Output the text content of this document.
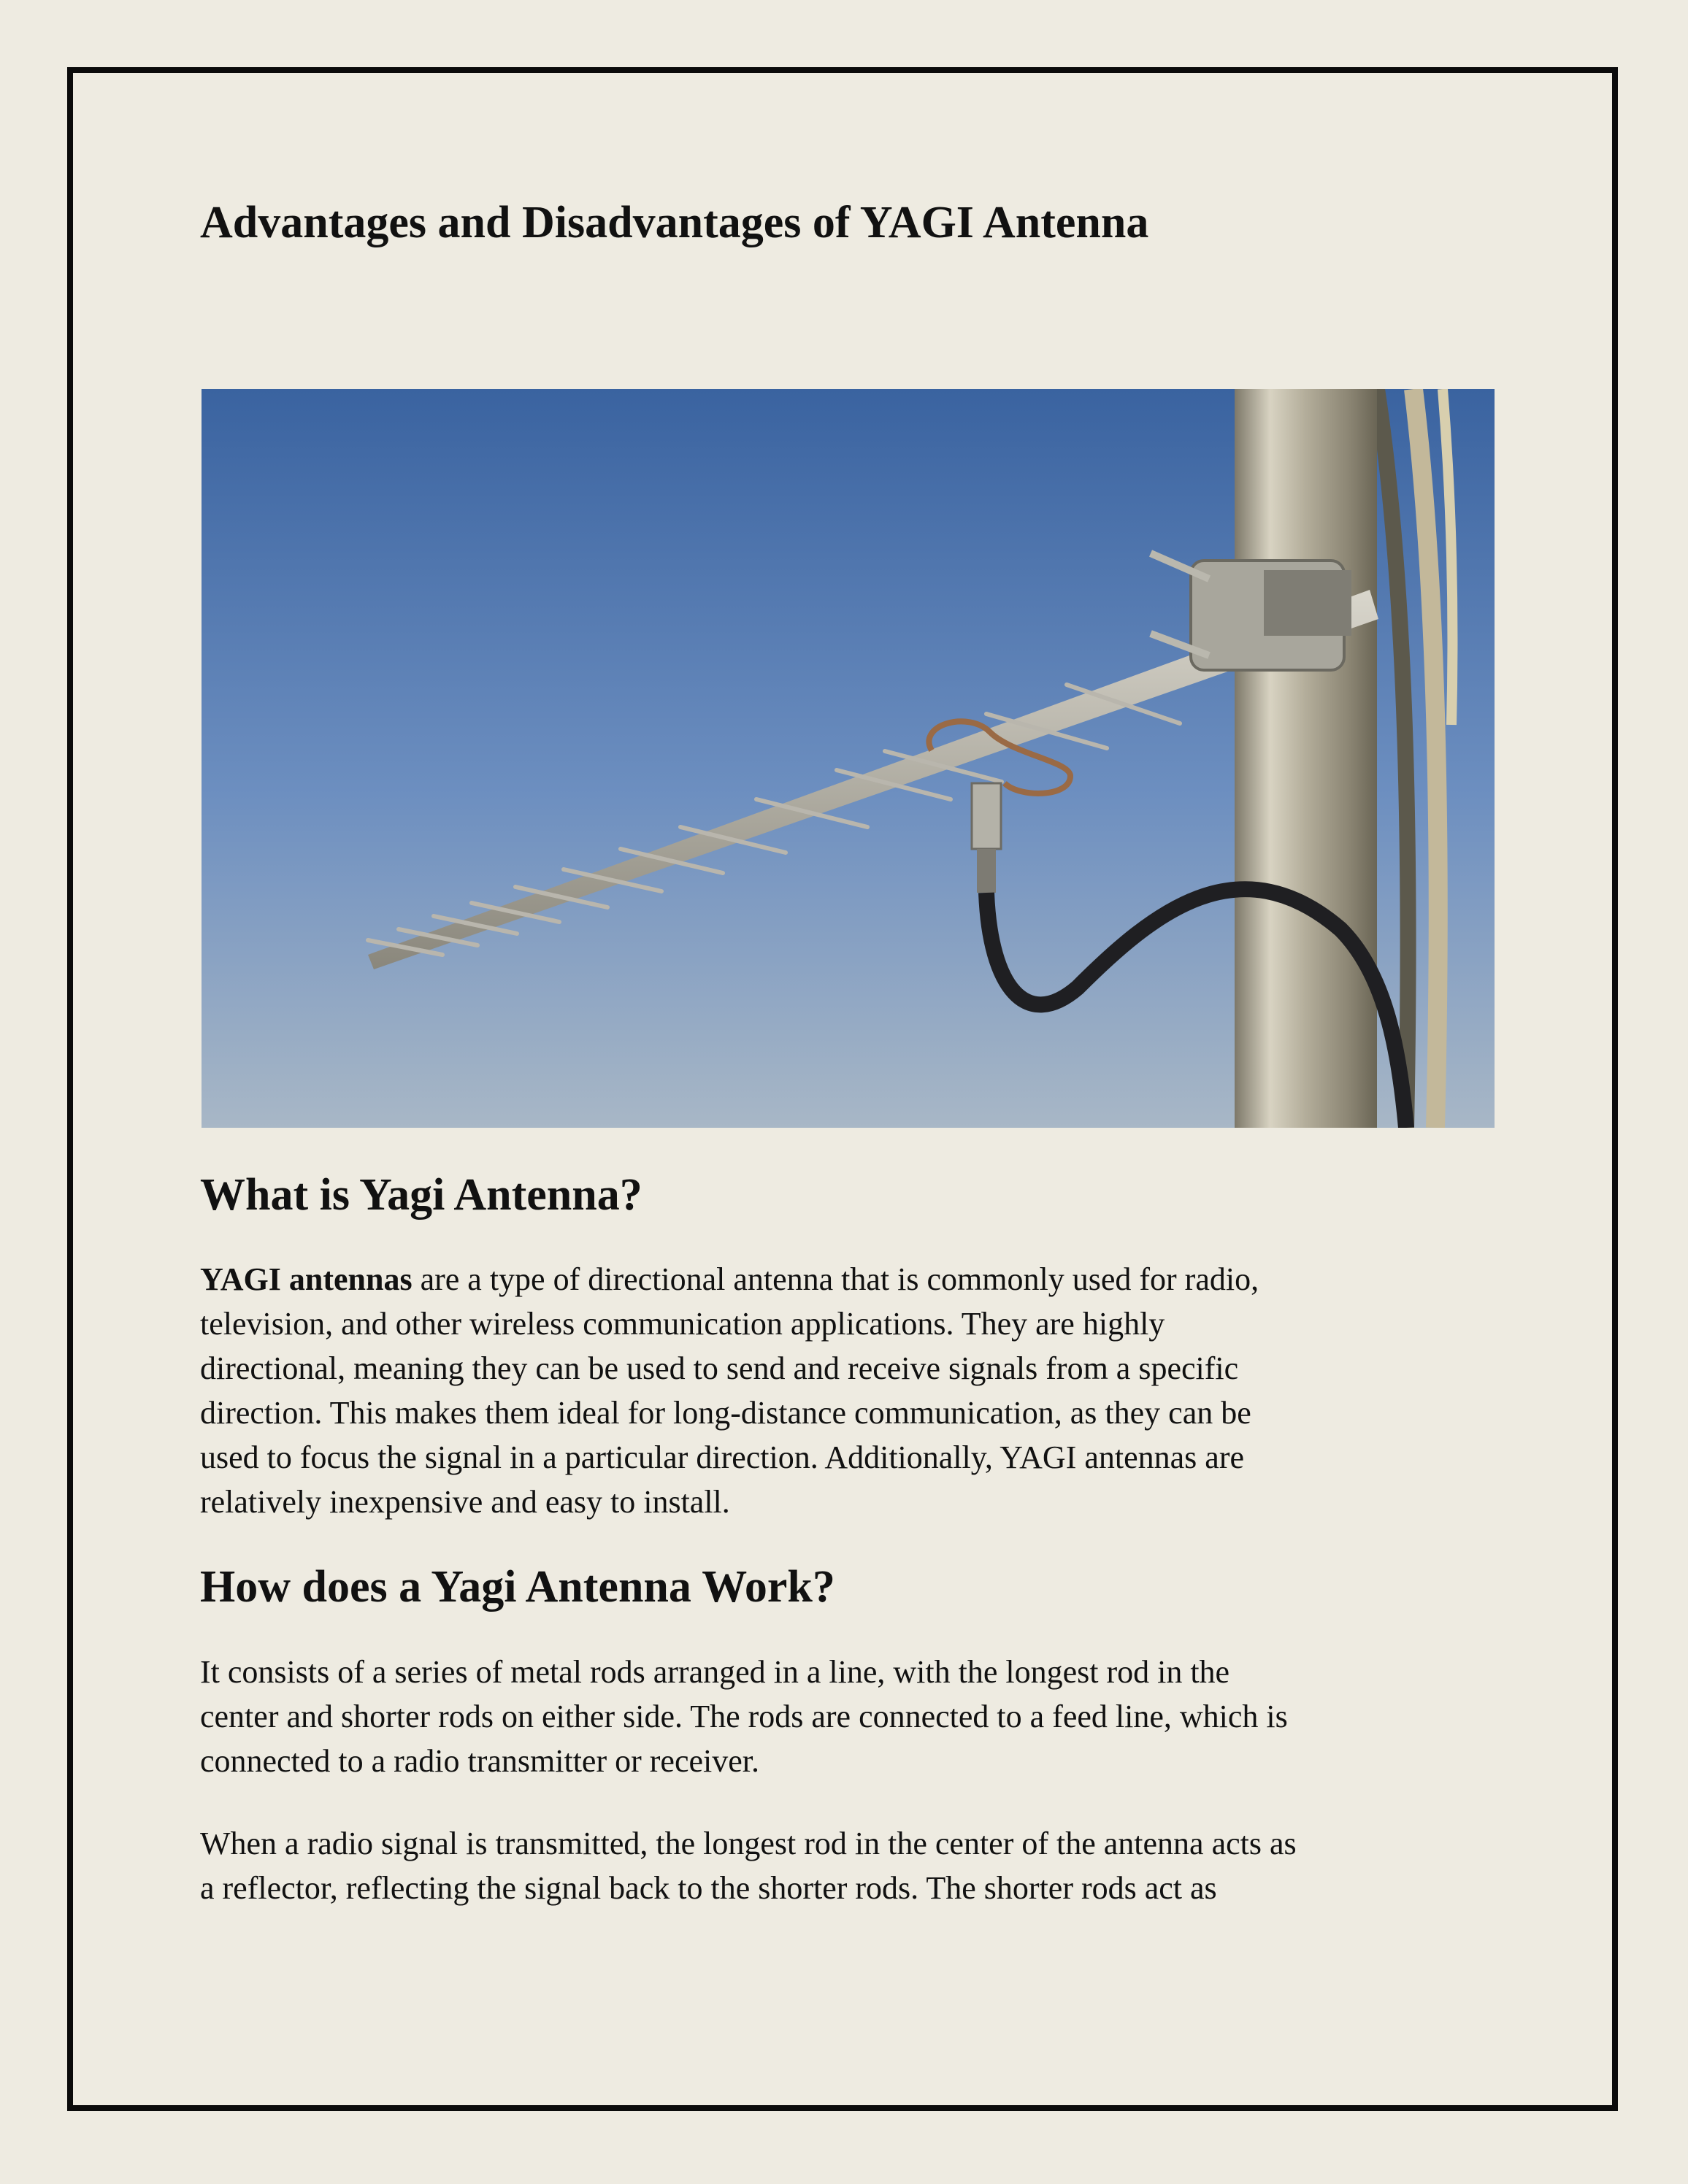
Advantages and Disadvantages of YAGI Antenna
What is Yagi Antenna?

YAGI antennas are a type of directional antenna that is commonly used for radio,
television, and other wireless communication applications. They are highly
directional, meaning they can be used to send and receive signals from a specific
direction. This makes them ideal for long-distance communication, as they can be
used to focus the signal in a particular direction. Additionally, YAGI antennas are
relatively inexpensive and easy to install.

How does a Yagi Antenna Work?

It consists of a series of metal rods arranged in a line, with the longest rod in the
center and shorter rods on either side. The rods are connected to a feed line, which is
connected to a radio transmitter or receiver.

When a radio signal is transmitted, the longest rod in the center of the antenna acts as
a reflector, reflecting the signal back to the shorter rods. The shorter rods act as
